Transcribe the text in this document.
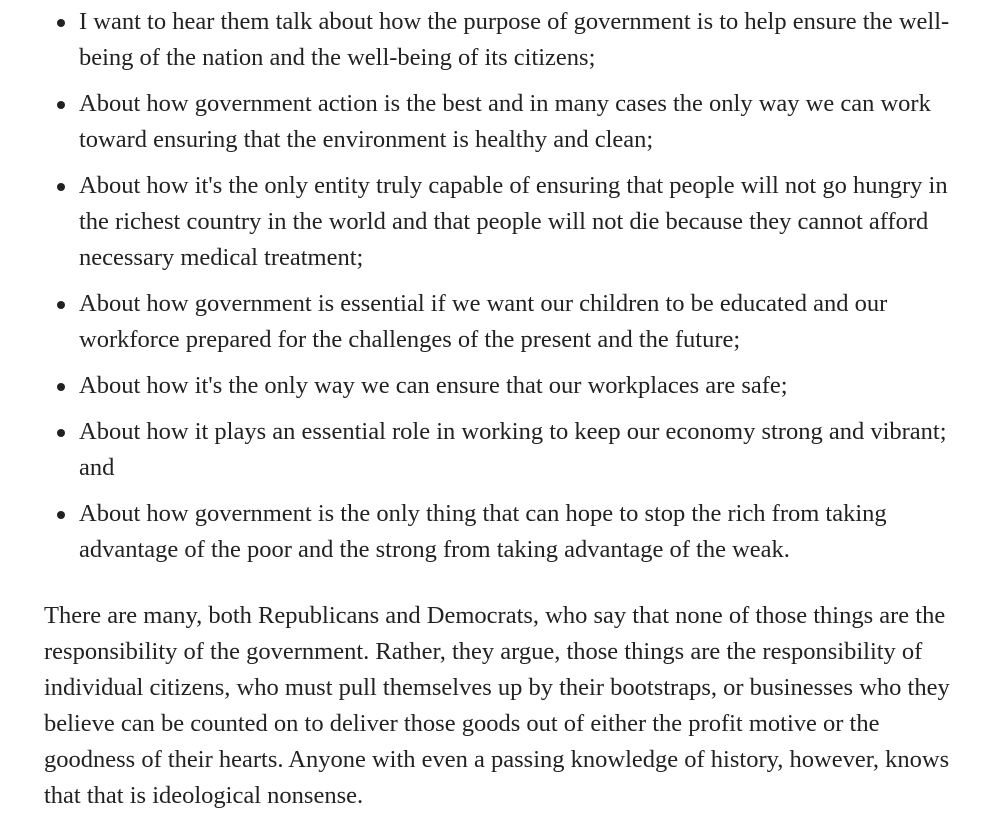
I want to hear them talk about how the purpose of government is to help ensure the well-being of the nation and the well-being of its citizens;
About how government action is the best and in many cases the only way we can work toward ensuring that the environment is healthy and clean;
About how it's the only entity truly capable of ensuring that people will not go hungry in the richest country in the world and that people will not die because they cannot afford necessary medical treatment;
About how government is essential if we want our children to be educated and our workforce prepared for the challenges of the present and the future;
About how it's the only way we can ensure that our workplaces are safe;
About how it plays an essential role in working to keep our economy strong and vibrant; and
About how government is the only thing that can hope to stop the rich from taking advantage of the poor and the strong from taking advantage of the weak.

There are many, both Republicans and Democrats, who say that none of those things are the responsibility of the government. Rather, they argue, those things are the responsibility of individual citizens, who must pull themselves up by their bootstraps, or businesses who they believe can be counted on to deliver those goods out of either the profit motive or the goodness of their hearts. Anyone with even a passing knowledge of history, however, knows that that is ideological nonsense.
